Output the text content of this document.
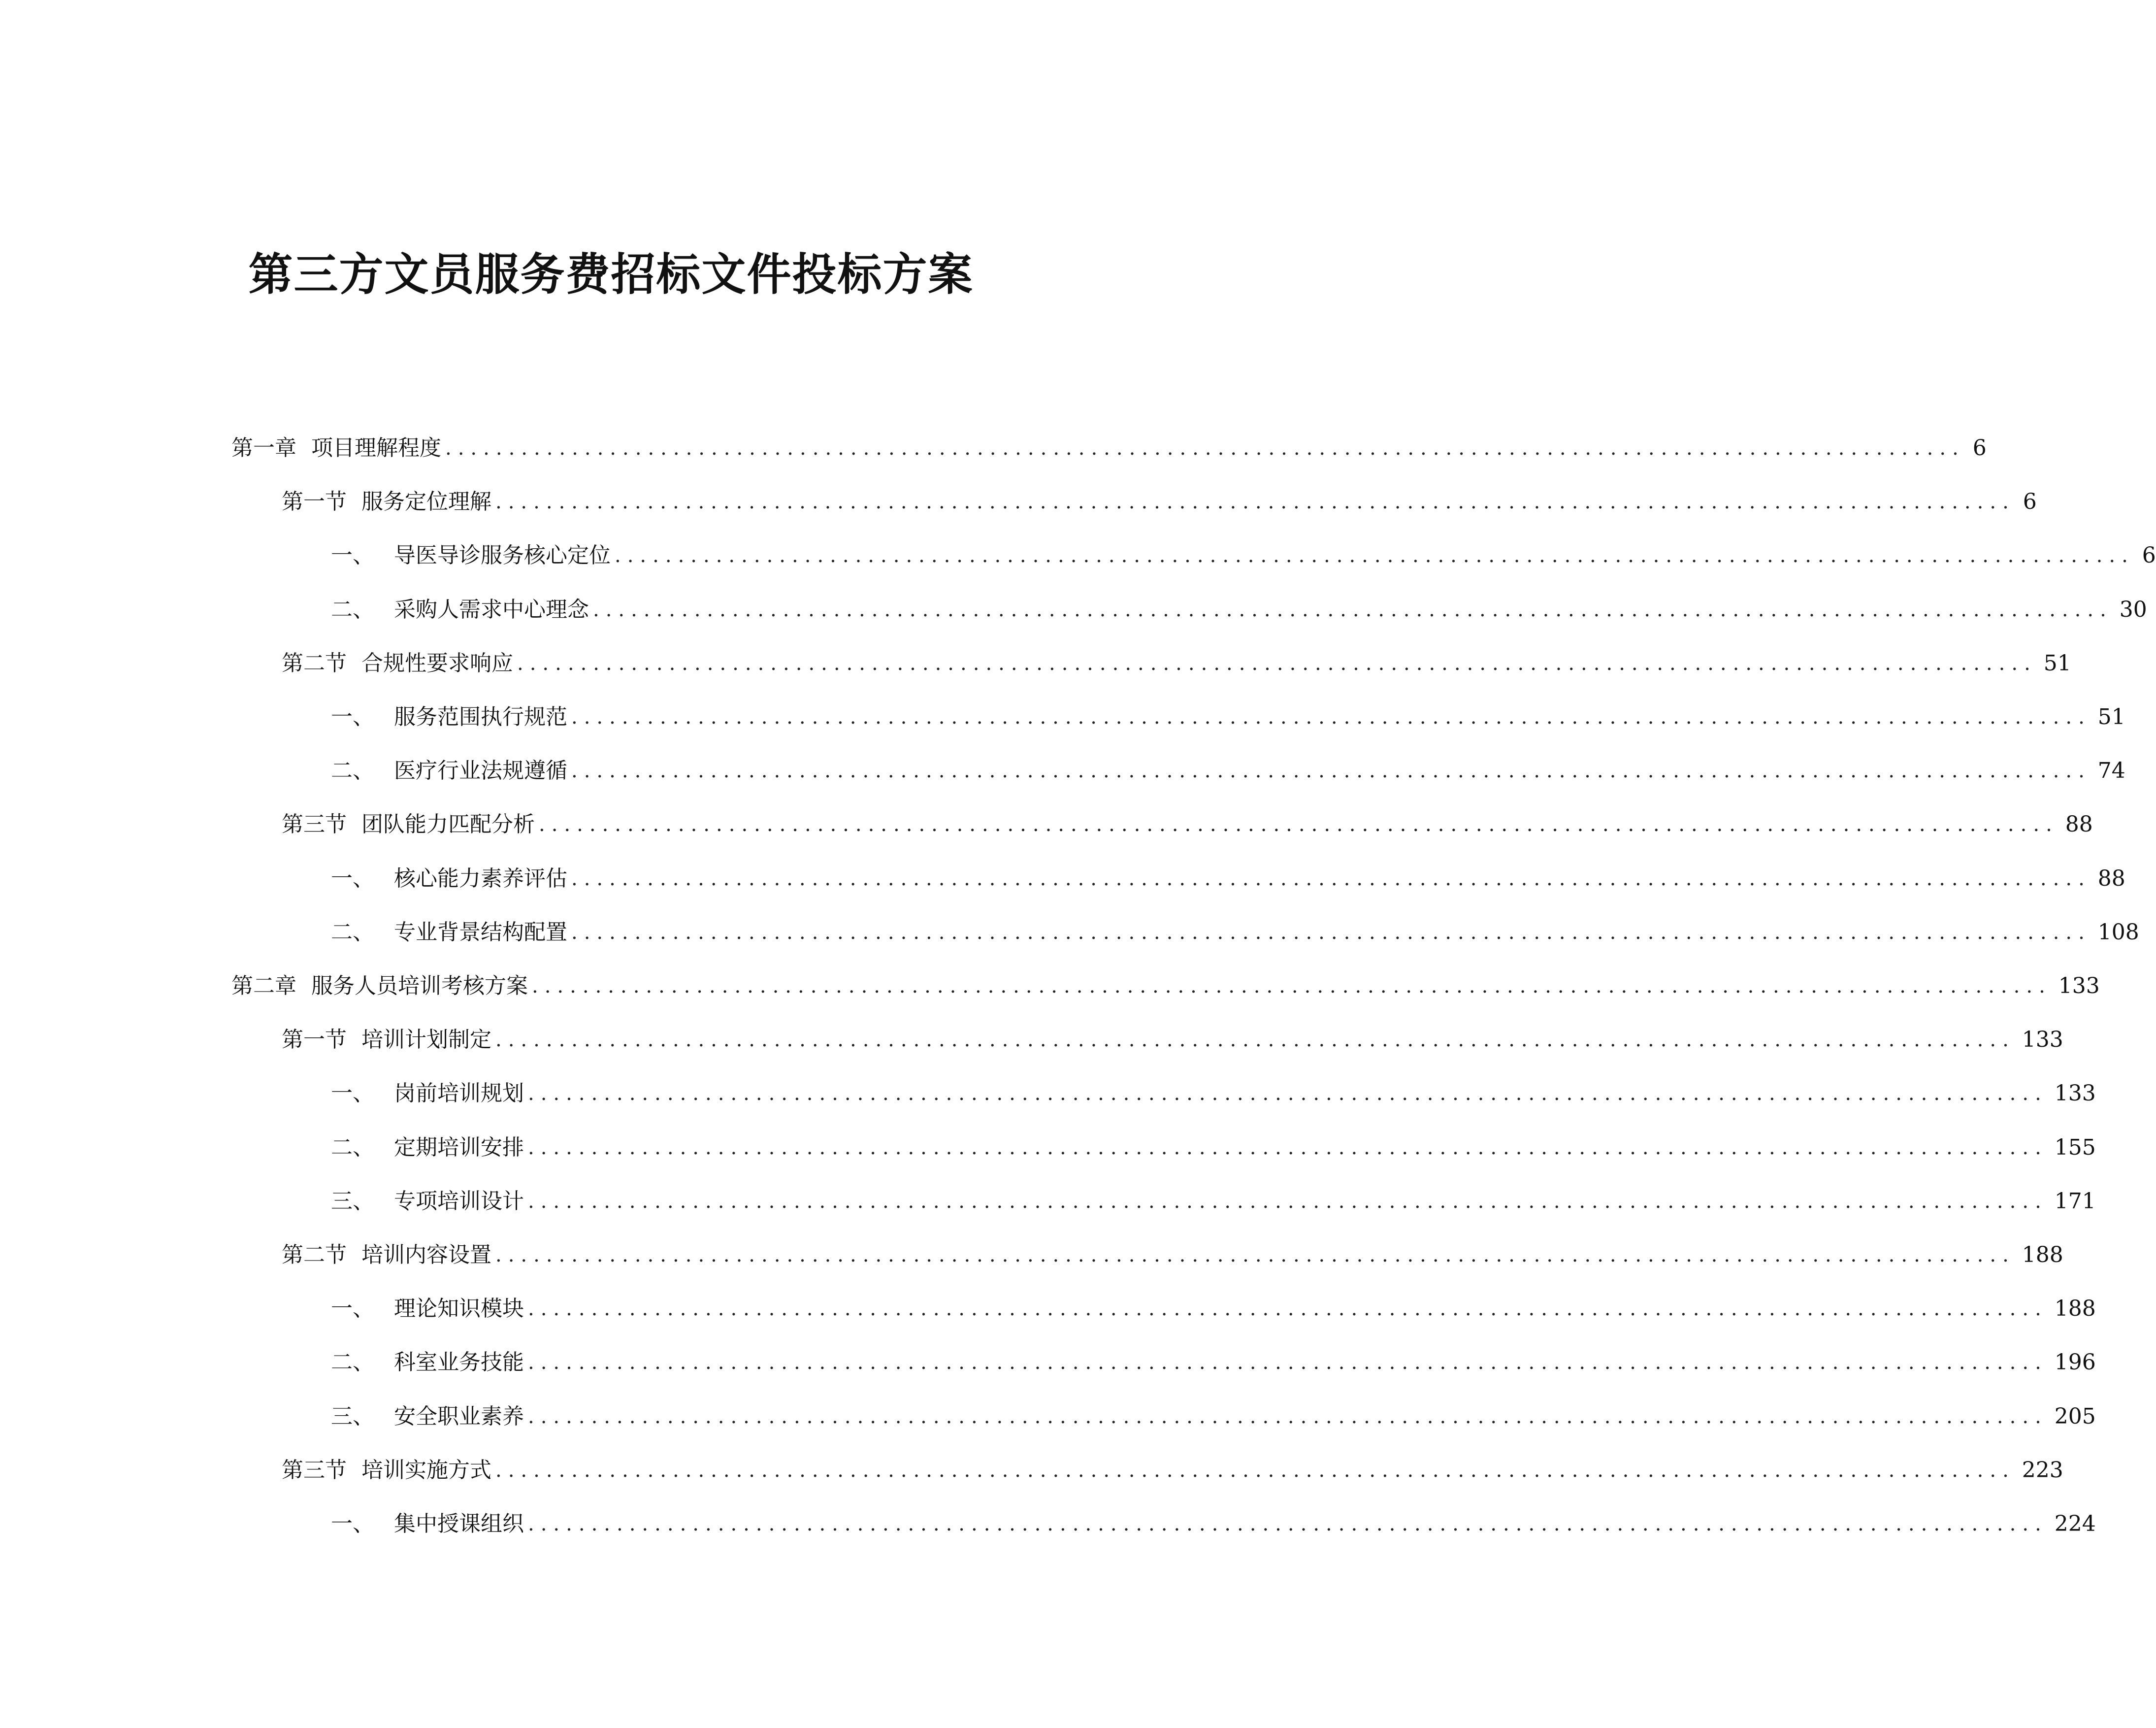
第三方文员服务费招标文件投标方案
第一章 项目理解程度 ........................................................................................................................ 6
第一节 服务定位理解 ........................................................................................................................ 6
一、 导医导诊服务核心定位 ........................................................................................................................ 6
二、 采购人需求中心理念 ........................................................................................................................ 30
第二节 合规性要求响应 ........................................................................................................................ 51
一、 服务范围执行规范 ........................................................................................................................ 51
二、 医疗行业法规遵循 ........................................................................................................................ 74
第三节 团队能力匹配分析 ........................................................................................................................ 88
一、 核心能力素养评估 ........................................................................................................................ 88
二、 专业背景结构配置 ........................................................................................................................ 108
第二章 服务人员培训考核方案 ........................................................................................................................ 133
第一节 培训计划制定 ........................................................................................................................ 133
一、 岗前培训规划 ........................................................................................................................ 133
二、 定期培训安排 ........................................................................................................................ 155
三、 专项培训设计 ........................................................................................................................ 171
第二节 培训内容设置 ........................................................................................................................ 188
一、 理论知识模块 ........................................................................................................................ 188
二、 科室业务技能 ........................................................................................................................ 196
三、 安全职业素养 ........................................................................................................................ 205
第三节 培训实施方式 ........................................................................................................................ 223
一、 集中授课组织 ........................................................................................................................ 224
